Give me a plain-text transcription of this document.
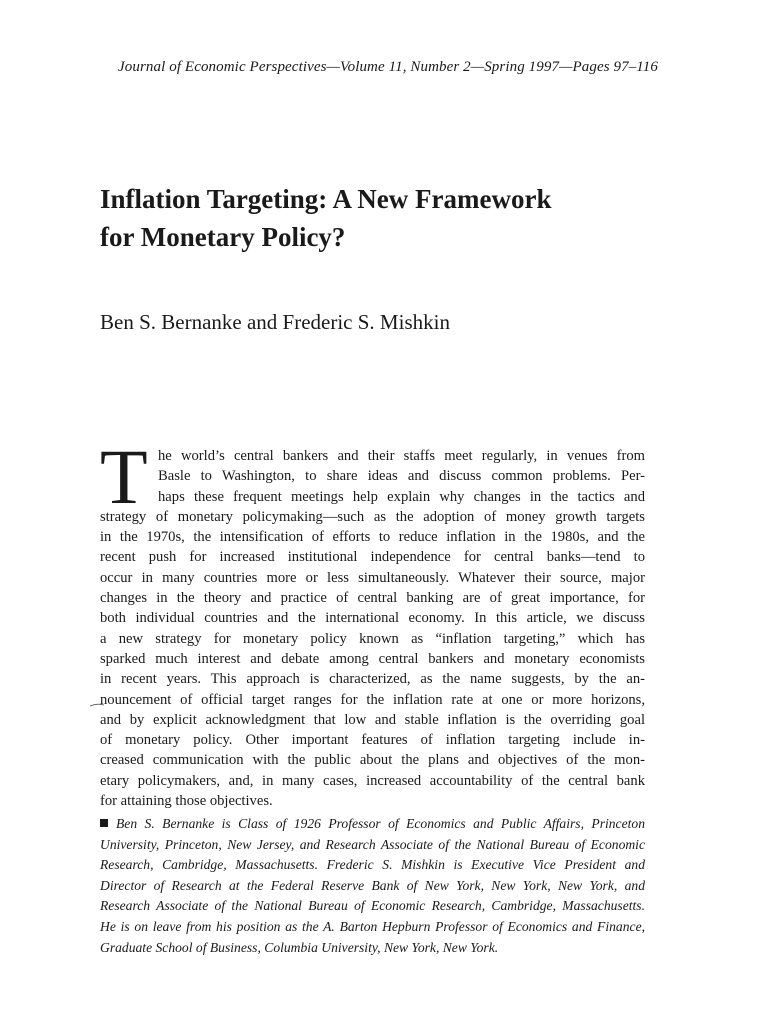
Journal of Economic Perspectives—Volume 11, Number 2—Spring 1997—Pages 97–116
Inflation Targeting: A New Framework
for Monetary Policy?
Ben S. Bernanke and Frederic S. Mishkin
T he world’s central bankers and their staffs meet regularly, in venues from
Basle to Washington, to share ideas and discuss common problems. Per-
haps these frequent meetings help explain why changes in the tactics and
strategy of monetary policymaking—such as the adoption of money growth targets
in the 1970s, the intensification of efforts to reduce inflation in the 1980s, and the
recent push for increased institutional independence for central banks—tend to
occur in many countries more or less simultaneously. Whatever their source, major
changes in the theory and practice of central banking are of great importance, for
both individual countries and the international economy. In this article, we discuss
a new strategy for monetary policy known as “inflation targeting,” which has
sparked much interest and debate among central bankers and monetary economists
in recent years. This approach is characterized, as the name suggests, by the an-
nouncement of official target ranges for the inflation rate at one or more horizons,
and by explicit acknowledgment that low and stable inflation is the overriding goal
of monetary policy. Other important features of inflation targeting include in-
creased communication with the public about the plans and objectives of the mon-
etary policymakers, and, in many cases, increased accountability of the central bank
for attaining those objectives.
Ben S. Bernanke is Class of 1926 Professor of Economics and Public Affairs, Princeton
University, Princeton, New Jersey, and Research Associate of the National Bureau of Economic
Research, Cambridge, Massachusetts. Frederic S. Mishkin is Executive Vice President and
Director of Research at the Federal Reserve Bank of New York, New York, New York, and
Research Associate of the National Bureau of Economic Research, Cambridge, Massachusetts.
He is on leave from his position as the A. Barton Hepburn Professor of Economics and Finance,
Graduate School of Business, Columbia University, New York, New York.
